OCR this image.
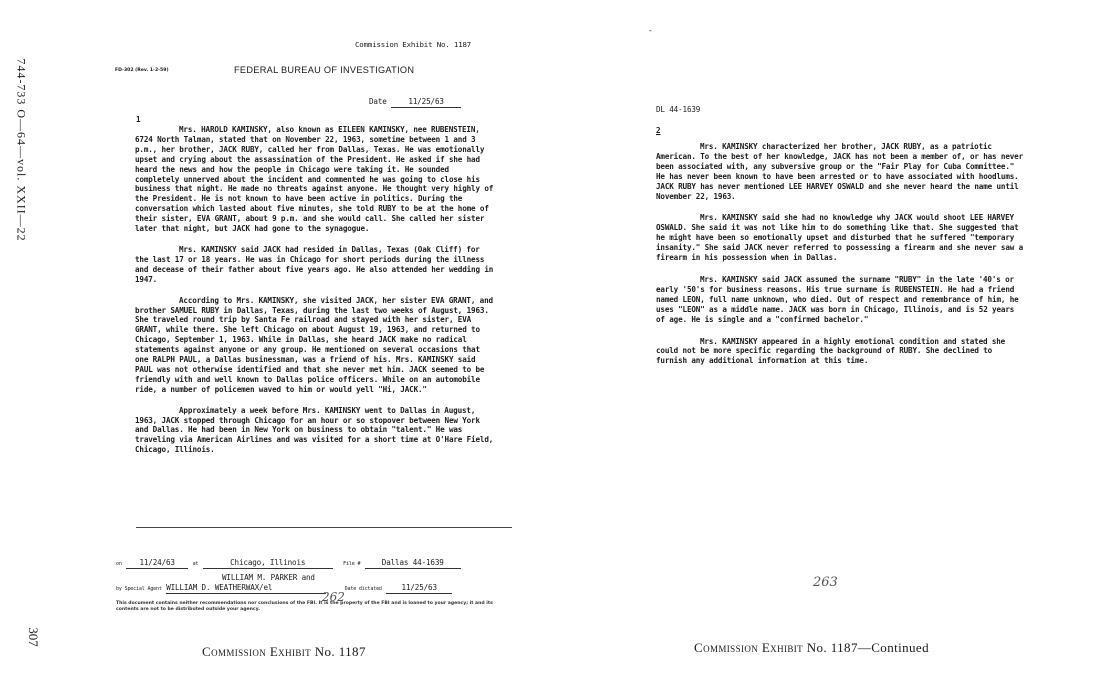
744-733 O—64—vol. XXII—22
307
Commission Exhibit No. 1187
FD-302 (Rev. 1-2-59)	FEDERAL BUREAU OF INVESTIGATION
Date	11/25/63
1

Mrs. HAROLD KAMINSKY, also known as EILEEN KAMINSKY, nee RUBENSTEIN, 6724 North Talman, stated that on November 22, 1963, sometime between 1 and 3 p.m., her brother, JACK RUBY, called her from Dallas, Texas. He was emotionally upset and crying about the assassination of the President. He asked if she had heard the news and how the people in Chicago were taking it. He sounded completely unnerved about the incident and commented he was going to close his business that night. He made no threats against anyone. He thought very highly of the President. He is not known to have been active in politics. During the conversation which lasted about five minutes, she told RUBY to be at the home of their sister, EVA GRANT, about 9 p.m. and she would call. She called her sister later that night, but JACK had gone to the synagogue.

Mrs. KAMINSKY said JACK had resided in Dallas, Texas (Oak Cliff) for the last 17 or 18 years. He was in Chicago for short periods during the illness and decease of their father about five years ago. He also attended her wedding in 1947.

According to Mrs. KAMINSKY, she visited JACK, her sister EVA GRANT, and brother SAMUEL RUBY in Dallas, Texas, during the last two weeks of August, 1963. She traveled round trip by Santa Fe railroad and stayed with her sister, EVA GRANT, while there. She left Chicago on about August 19, 1963, and returned to Chicago, September 1, 1963. While in Dallas, she heard JACK make no radical statements against anyone or any group. He mentioned on several occasions that one RALPH PAUL, a Dallas businessman, was a friend of his. Mrs. KAMINSKY said PAUL was not otherwise identified and that she never met him. JACK seemed to be friendly with and well known to Dallas police officers. While on an automobile ride, a number of policemen waved to him or would yell "Hi, JACK."

Approximately a week before Mrs. KAMINSKY went to Dallas in August, 1963, JACK stopped through Chicago for an hour or so stopover between New York and Dallas. He had been in New York on business to obtain "talent." He was traveling via American Airlines and was visited for a short time at O'Hare Field, Chicago, Illinois.

on 11/24/63	at	Chicago, Illinois	File #	Dallas 44-1639
WILLIAM M. PARKER and
by Special Agent WILLIAM D. WEATHERWAX/el	Date dictated	11/25/63
262
This document contains neither recommendations nor conclusions of the FBI. It is the property of the FBI and is loaned to your agency; it and its contents are not to be distributed outside your agency.
Commission Exhibit No. 1187
-
DL 44-1639
2

Mrs. KAMINSKY characterized her brother, JACK RUBY, as a patriotic American. To the best of her knowledge, JACK has not been a member of, or has never been associated with, any subversive group or the "Fair Play for Cuba Committee." He has never been known to have been arrested or to have associated with hoodlums. JACK RUBY has never mentioned LEE HARVEY OSWALD and she never heard the name until November 22, 1963.

Mrs. KAMINSKY said she had no knowledge why JACK would shoot LEE HARVEY OSWALD. She said it was not like him to do something like that. She suggested that he might have been so emotionally upset and disturbed that he suffered "temporary insanity." She said JACK never referred to possessing a firearm and she never saw a firearm in his possession when in Dallas.

Mrs. KAMINSKY said JACK assumed the surname "RUBY" in the late '40's or early '50's for business reasons. His true surname is RUBENSTEIN. He had a friend named LEON, full name unknown, who died. Out of respect and remembrance of him, he uses "LEON" as a middle name. JACK was born in Chicago, Illinois, and is 52 years of age. He is single and a "confirmed bachelor."

Mrs. KAMINSKY appeared in a highly emotional condition and stated she could not be more specific regarding the background of RUBY. She declined to furnish any additional information at this time.

263
Commission Exhibit No. 1187—Continued
